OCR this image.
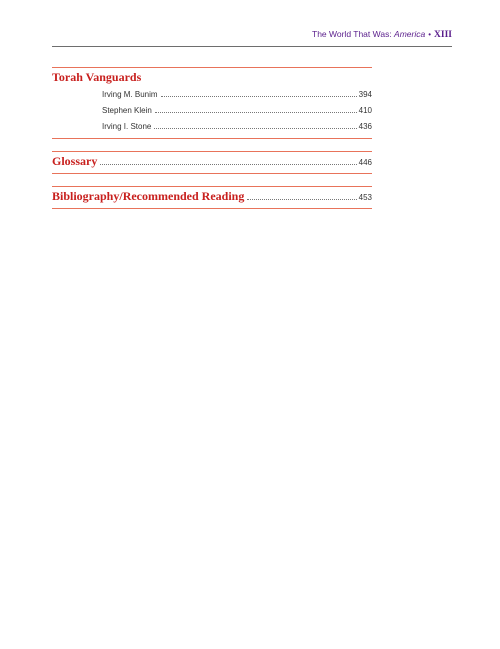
The World That Was: America • XIII
Torah Vanguards
Irving M. Bunim	394
Stephen Klein	410
Irving I. Stone	436
Glossary	446
Bibliography/Recommended Reading	453
